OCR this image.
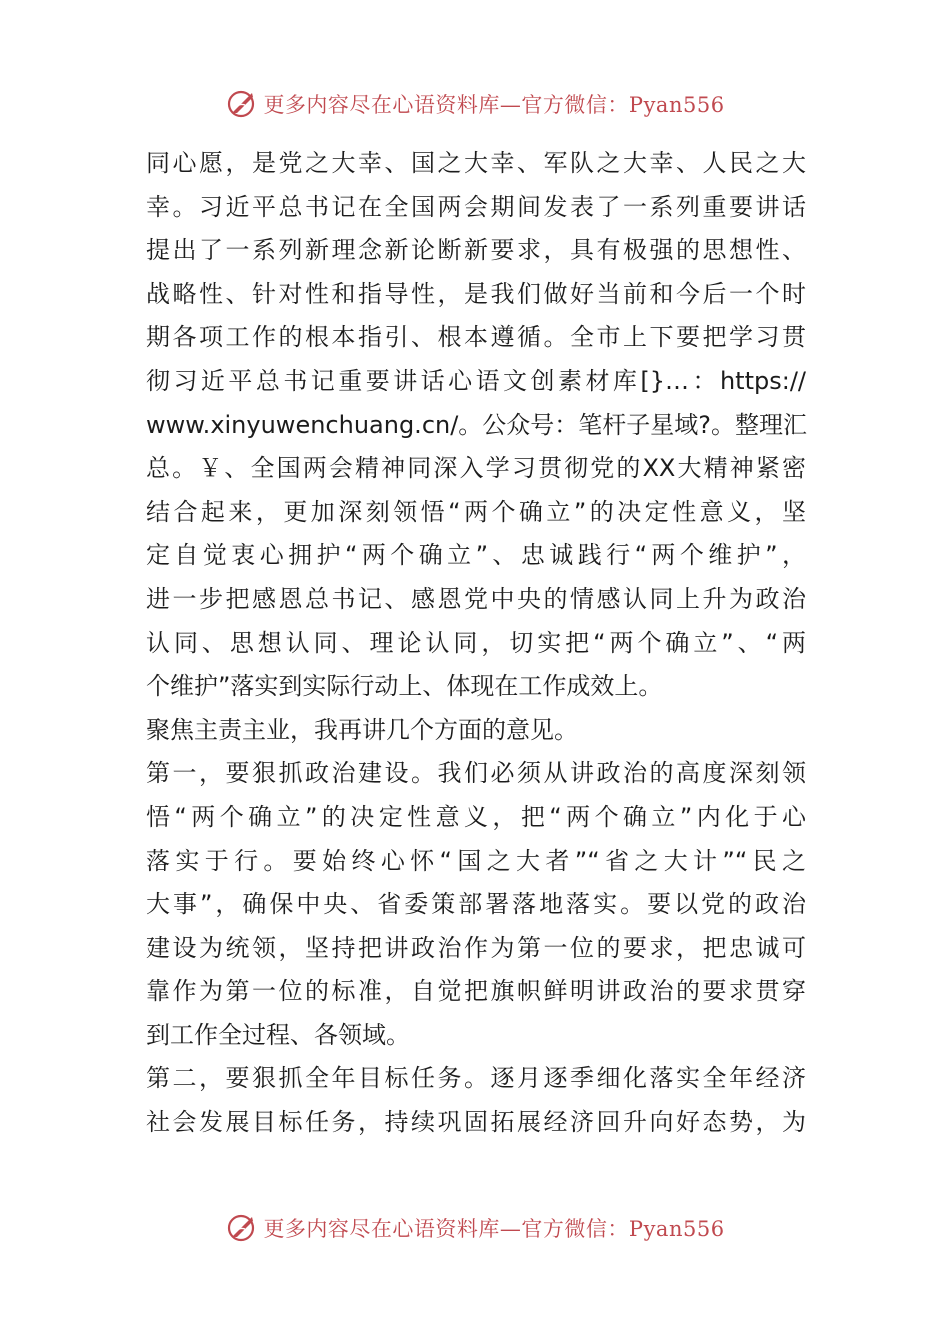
更多内容尽在心语资料库—官方微信：Pyan556
同心愿，是党之大幸、国之大幸、军队之大幸、人民之大
幸。习近平总书记在全国两会期间发表了一系列重要讲话
提出了一系列新理念新论断新要求，具有极强的思想性、
战略性、针对性和指导性，是我们做好当前和今后一个时
期各项工作的根本指引、根本遵循。全市上下要把学习贯
彻习近平总书记重要讲话心语文创素材库[}…：https://
www.xinyuwenchuang.cn/。公众号：笔杆子星域?。整理汇
总。￥、全国两会精神同深入学习贯彻党的XX大精神紧密
结合起来，更加深刻领悟“两个确立”的决定性意义，坚
定自觉衷心拥护“两个确立”、忠诚践行“两个维护”，
进一步把感恩总书记、感恩党中央的情感认同上升为政治
认同、思想认同、理论认同，切实把“两个确立”、“两
个维护”落实到实际行动上、体现在工作成效上。
聚焦主责主业，我再讲几个方面的意见。
第一，要狠抓政治建设。我们必须从讲政治的高度深刻领
悟“两个确立”的决定性意义，把“两个确立”内化于心
落实于行。要始终心怀“国之大者”“省之大计”“民之
大事”，确保中央、省委策部署落地落实。要以党的政治
建设为统领，坚持把讲政治作为第一位的要求，把忠诚可
靠作为第一位的标准，自觉把旗帜鲜明讲政治的要求贯穿
到工作全过程、各领域。
第二，要狠抓全年目标任务。逐月逐季细化落实全年经济
社会发展目标任务，持续巩固拓展经济回升向好态势，为
更多内容尽在心语资料库—官方微信：Pyan556
